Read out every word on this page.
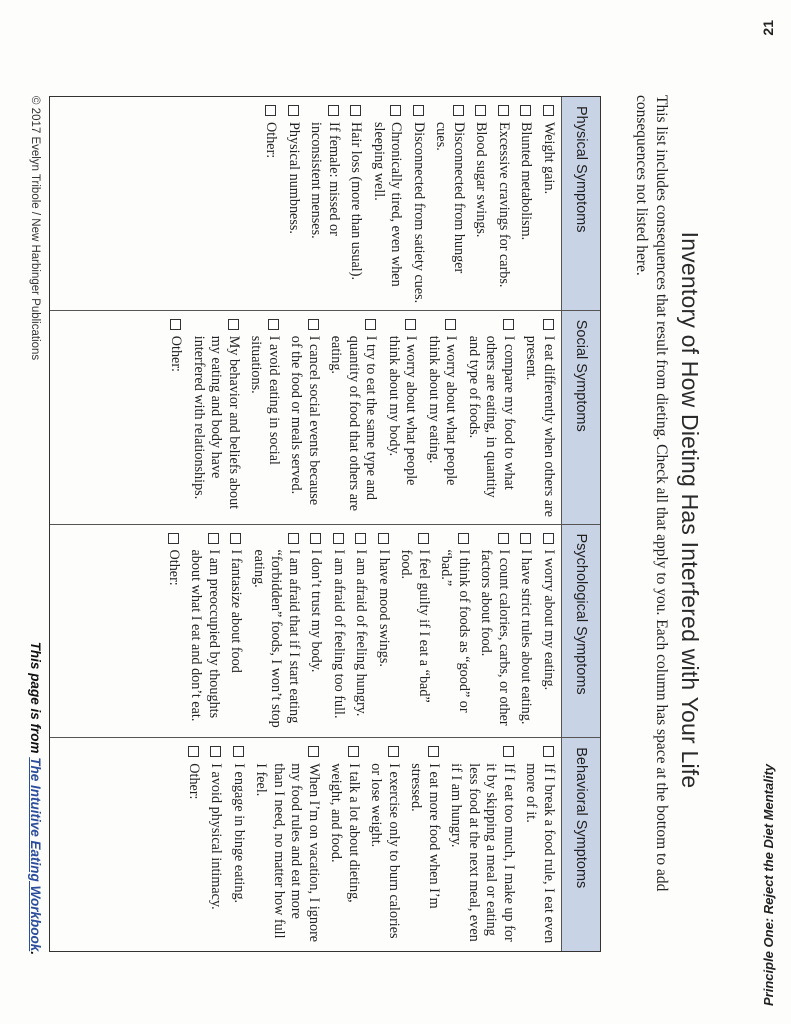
Principle One: Reject the Diet Mentality
21
Inventory of How Dieting Has Interfered with Your Life
This list includes consequences that result from dieting. Check all that apply to you. Each column has space at the bottom to add consequences not listed here.
Physical Symptoms
Weight gain.
Blunted metabolism.
Excessive cravings for carbs.
Blood sugar swings.
Disconnected from hunger cues.
Disconnected from satiety cues.
Chronically tired, even when sleeping well.
Hair loss (more than usual).
If female: missed or inconsistent menses.
Physical numbness.
Other:
Social Symptoms
I eat differently when others are present.
I compare my food to what others are eating, in quantity and type of foods.
I worry about what people think about my eating.
I worry about what people think about my body.
I try to eat the same type and quantity of food that others are eating.
I cancel social events because of the food or meals served.
I avoid eating in social situations.
My behavior and beliefs about my eating and body have interfered with relationships.
Other:
Psychological Symptoms
I worry about my eating.
I have strict rules about eating.
I count calories, carbs, or other factors about food.
I think of foods as “good” or “bad.”
I feel guilty if I eat a “bad” food.
I have mood swings.
I am afraid of feeling hungry.
I am afraid of feeling too full.
I don’t trust my body.
I am afraid that if I start eating “forbidden” foods, I won’t stop eating.
I fantasize about food
I am preoccupied by thoughts about what I eat and don’t eat.
Other:
Behavioral Symptoms
If I break a food rule, I eat even more of it.
If I eat too much, I make up for it by skipping a meal or eating less food at the next meal, even if I am hungry.
I eat more food when I’m stressed.
I exercise only to burn calories or lose weight.
I talk a lot about dieting, weight, and food.
When I’m on vacation, I ignore my food rules and eat more than I need, no matter how full I feel.
I engage in binge eating.
I avoid physical intimacy.
Other:
© 2017 Evelyn Tribole / New Harbinger Publications
This page is from The Intuitive Eating Workbook.
